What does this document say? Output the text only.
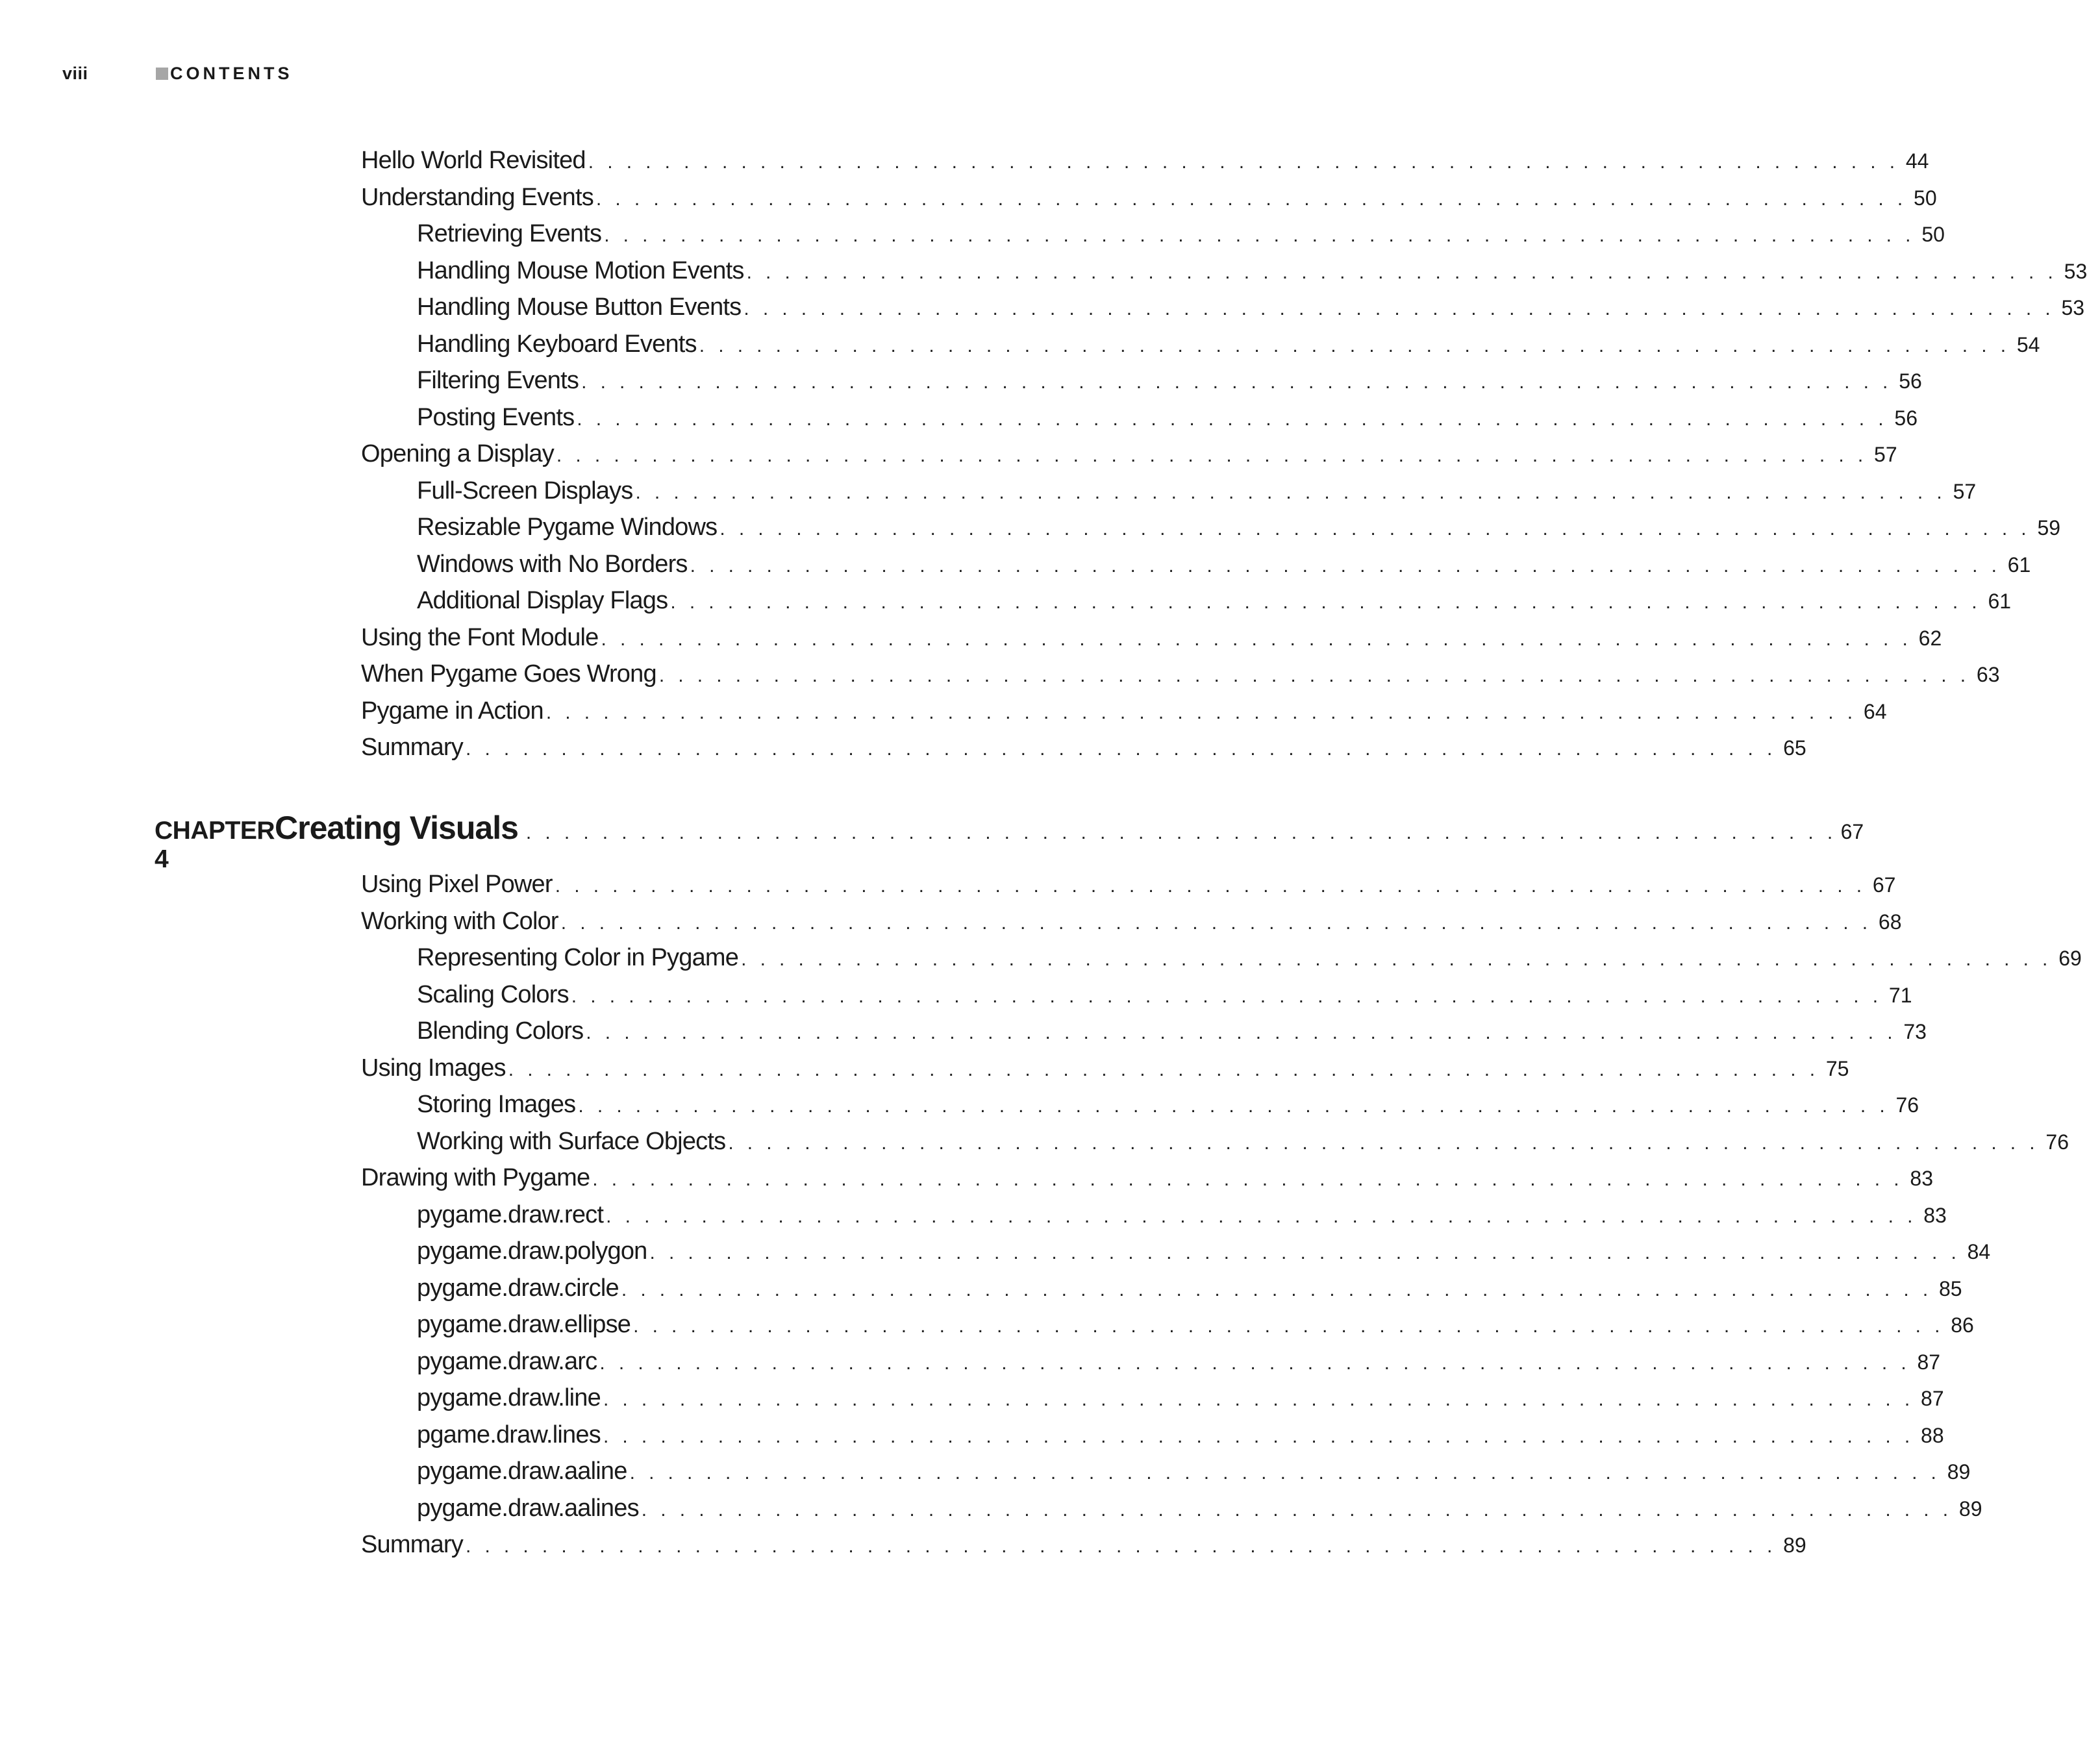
viii	CONTENTS
Hello World Revisited . . . . . . . . . . . . . . . . . . . . . . . . . . . . . . . . . . . . . . . . . . . . . . . . . . . . . . . . . . . . . . . . . . . . . 44
Understanding Events . . . . . . . . . . . . . . . . . . . . . . . . . . . . . . . . . . . . . . . . . . . . . . . . . . . . . . . . . . . . . . . . . . . . . 50
Retrieving Events . . . . . . . . . . . . . . . . . . . . . . . . . . . . . . . . . . . . . . . . . . . . . . . . . . . . . . . . . . . . . . . . . . . . . 50
Handling Mouse Motion Events . . . . . . . . . . . . . . . . . . . . . . . . . . . . . . . . . . . . . . . . . . . . . . . . . . . . . . . . . . . . . . . . . . . . . 53
Handling Mouse Button Events . . . . . . . . . . . . . . . . . . . . . . . . . . . . . . . . . . . . . . . . . . . . . . . . . . . . . . . . . . . . . . . . . . . . . 53
Handling Keyboard Events . . . . . . . . . . . . . . . . . . . . . . . . . . . . . . . . . . . . . . . . . . . . . . . . . . . . . . . . . . . . . . . . . . . . . 54
Filtering Events . . . . . . . . . . . . . . . . . . . . . . . . . . . . . . . . . . . . . . . . . . . . . . . . . . . . . . . . . . . . . . . . . . . . . 56
Posting Events . . . . . . . . . . . . . . . . . . . . . . . . . . . . . . . . . . . . . . . . . . . . . . . . . . . . . . . . . . . . . . . . . . . . . 56
Opening a Display . . . . . . . . . . . . . . . . . . . . . . . . . . . . . . . . . . . . . . . . . . . . . . . . . . . . . . . . . . . . . . . . . . . . . 57
Full-Screen Displays . . . . . . . . . . . . . . . . . . . . . . . . . . . . . . . . . . . . . . . . . . . . . . . . . . . . . . . . . . . . . . . . . . . . . 57
Resizable Pygame Windows . . . . . . . . . . . . . . . . . . . . . . . . . . . . . . . . . . . . . . . . . . . . . . . . . . . . . . . . . . . . . . . . . . . . . 59
Windows with No Borders . . . . . . . . . . . . . . . . . . . . . . . . . . . . . . . . . . . . . . . . . . . . . . . . . . . . . . . . . . . . . . . . . . . . . 61
Additional Display Flags . . . . . . . . . . . . . . . . . . . . . . . . . . . . . . . . . . . . . . . . . . . . . . . . . . . . . . . . . . . . . . . . . . . . . 61
Using the Font Module . . . . . . . . . . . . . . . . . . . . . . . . . . . . . . . . . . . . . . . . . . . . . . . . . . . . . . . . . . . . . . . . . . . . . 62
When Pygame Goes Wrong . . . . . . . . . . . . . . . . . . . . . . . . . . . . . . . . . . . . . . . . . . . . . . . . . . . . . . . . . . . . . . . . . . . . . 63
Pygame in Action . . . . . . . . . . . . . . . . . . . . . . . . . . . . . . . . . . . . . . . . . . . . . . . . . . . . . . . . . . . . . . . . . . . . . 64
Summary . . . . . . . . . . . . . . . . . . . . . . . . . . . . . . . . . . . . . . . . . . . . . . . . . . . . . . . . . . . . . . . . . . . . . 65
CHAPTER 4
Creating Visuals . . . . . . . . . . . . . . . . . . . . . . . . . . . . . . . . . . . . . . . . . . . . . . . . . . . . . . . . . . . . . . . . . . . . . 67
Using Pixel Power . . . . . . . . . . . . . . . . . . . . . . . . . . . . . . . . . . . . . . . . . . . . . . . . . . . . . . . . . . . . . . . . . . . . . 67
Working with Color . . . . . . . . . . . . . . . . . . . . . . . . . . . . . . . . . . . . . . . . . . . . . . . . . . . . . . . . . . . . . . . . . . . . . 68
Representing Color in Pygame . . . . . . . . . . . . . . . . . . . . . . . . . . . . . . . . . . . . . . . . . . . . . . . . . . . . . . . . . . . . . . . . . . . . . 69
Scaling Colors . . . . . . . . . . . . . . . . . . . . . . . . . . . . . . . . . . . . . . . . . . . . . . . . . . . . . . . . . . . . . . . . . . . . . 71
Blending Colors . . . . . . . . . . . . . . . . . . . . . . . . . . . . . . . . . . . . . . . . . . . . . . . . . . . . . . . . . . . . . . . . . . . . . 73
Using Images . . . . . . . . . . . . . . . . . . . . . . . . . . . . . . . . . . . . . . . . . . . . . . . . . . . . . . . . . . . . . . . . . . . . . 75
Storing Images . . . . . . . . . . . . . . . . . . . . . . . . . . . . . . . . . . . . . . . . . . . . . . . . . . . . . . . . . . . . . . . . . . . . . 76
Working with Surface Objects . . . . . . . . . . . . . . . . . . . . . . . . . . . . . . . . . . . . . . . . . . . . . . . . . . . . . . . . . . . . . . . . . . . . . 76
Drawing with Pygame . . . . . . . . . . . . . . . . . . . . . . . . . . . . . . . . . . . . . . . . . . . . . . . . . . . . . . . . . . . . . . . . . . . . . 83
pygame.draw.rect . . . . . . . . . . . . . . . . . . . . . . . . . . . . . . . . . . . . . . . . . . . . . . . . . . . . . . . . . . . . . . . . . . . . . 83
pygame.draw.polygon . . . . . . . . . . . . . . . . . . . . . . . . . . . . . . . . . . . . . . . . . . . . . . . . . . . . . . . . . . . . . . . . . . . . . 84
pygame.draw.circle . . . . . . . . . . . . . . . . . . . . . . . . . . . . . . . . . . . . . . . . . . . . . . . . . . . . . . . . . . . . . . . . . . . . . 85
pygame.draw.ellipse . . . . . . . . . . . . . . . . . . . . . . . . . . . . . . . . . . . . . . . . . . . . . . . . . . . . . . . . . . . . . . . . . . . . . 86
pygame.draw.arc . . . . . . . . . . . . . . . . . . . . . . . . . . . . . . . . . . . . . . . . . . . . . . . . . . . . . . . . . . . . . . . . . . . . . 87
pygame.draw.line . . . . . . . . . . . . . . . . . . . . . . . . . . . . . . . . . . . . . . . . . . . . . . . . . . . . . . . . . . . . . . . . . . . . . 87
pgame.draw.lines . . . . . . . . . . . . . . . . . . . . . . . . . . . . . . . . . . . . . . . . . . . . . . . . . . . . . . . . . . . . . . . . . . . . . 88
pygame.draw.aaline . . . . . . . . . . . . . . . . . . . . . . . . . . . . . . . . . . . . . . . . . . . . . . . . . . . . . . . . . . . . . . . . . . . . . 89
pygame.draw.aalines . . . . . . . . . . . . . . . . . . . . . . . . . . . . . . . . . . . . . . . . . . . . . . . . . . . . . . . . . . . . . . . . . . . . . 89
Summary . . . . . . . . . . . . . . . . . . . . . . . . . . . . . . . . . . . . . . . . . . . . . . . . . . . . . . . . . . . . . . . . . . . . . 89
